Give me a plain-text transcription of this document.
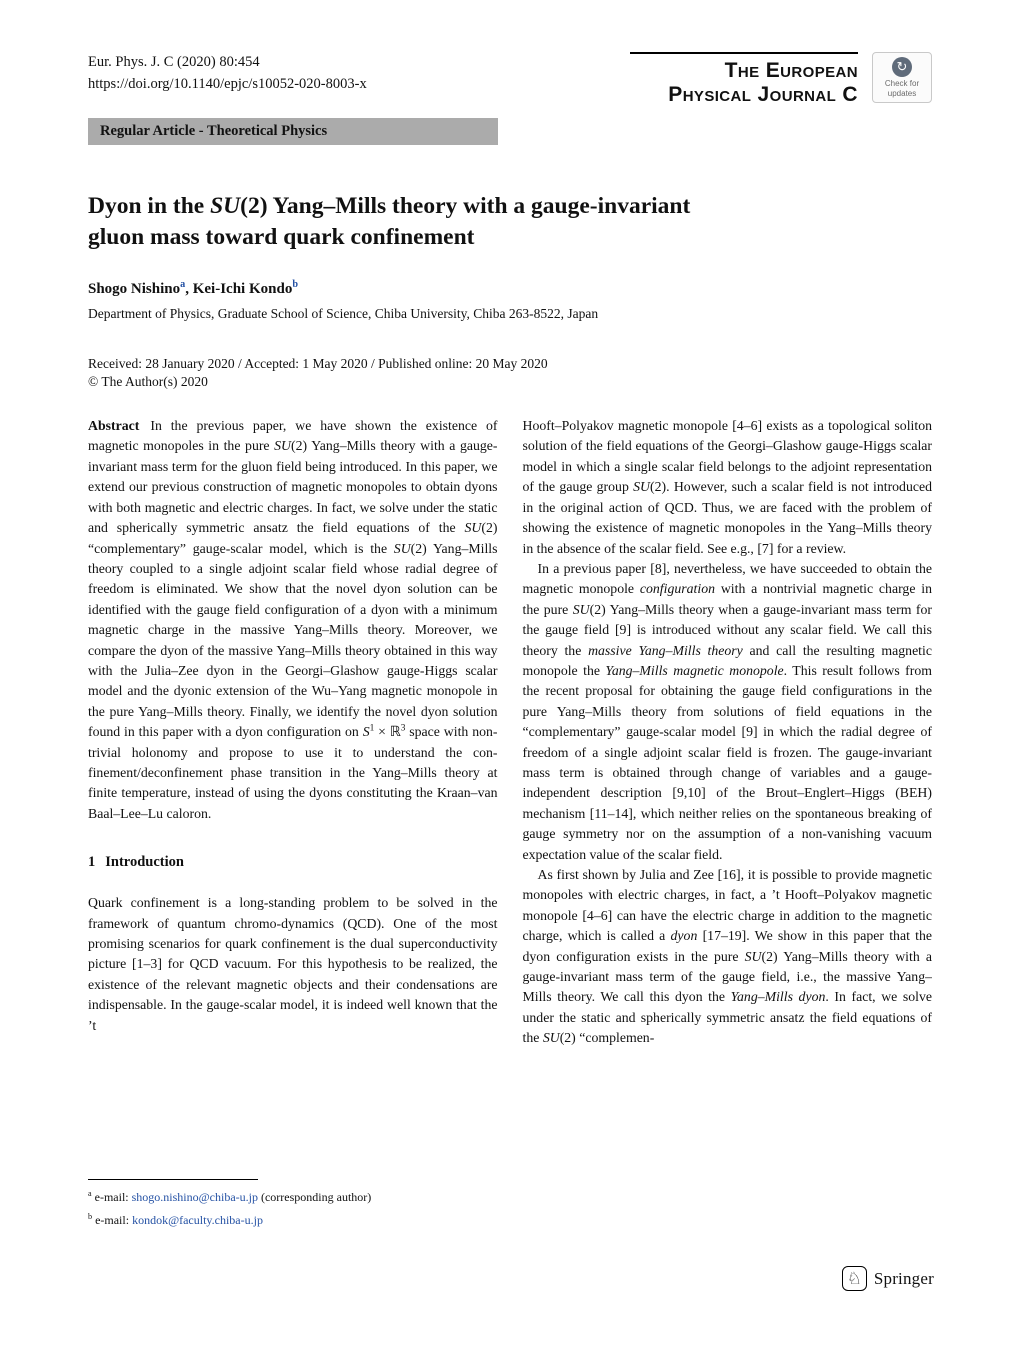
Eur. Phys. J. C (2020) 80:454
https://doi.org/10.1140/epjc/s10052-020-8003-x
The European
Physical Journal C
↻
Check for
updates
Regular Article - Theoretical Physics
Dyon in the SU(2) Yang–Mills theory with a gauge-invariant
gluon mass toward quark confinement
Shogo Nishino$^a$, Kei-Ichi Kondo$^b$
Department of Physics, Graduate School of Science, Chiba University, Chiba 263-8522, Japan
Received: 28 January 2020 / Accepted: 1 May 2020 / Published online: 20 May 2020
© The Author(s) 2020

Abstract In the previous paper, we have shown the existence of magnetic monopoles in the pure SU(2) Yang–Mills theory with a gauge-invariant mass term for the gluon field being introduced. In this paper, we extend our previous construction of magnetic monopoles to obtain dyons with both magnetic and electric charges. In fact, we solve under the static and spherically symmetric ansatz the field equations of the SU(2) “complementary” gauge-scalar model, which is the SU(2) Yang–Mills theory coupled to a single adjoint scalar field whose radial degree of freedom is eliminated. We show that the novel dyon solution can be identified with the gauge field configuration of a dyon with a minimum magnetic charge in the massive Yang–Mills theory. Moreover, we compare the dyon of the massive Yang–Mills theory obtained in this way with the Julia–Zee dyon in the Georgi–Glashow gauge-Higgs scalar model and the dyonic extension of the Wu–Yang magnetic monopole in the pure Yang–Mills theory. Finally, we identify the novel dyon solution found in this paper with a dyon configuration on $S^1$ × ℝ$^3$ space with nontrivial holonomy and propose to use it to understand the confinement/deconfinement phase transition in the Yang–Mills theory at finite temperature, instead of using the dyons constituting the Kraan–van Baal–Lee–Lu caloron.

1 Introduction

Quark confinement is a long-standing problem to be solved in the framework of quantum chromo-dynamics (QCD). One of the most promising scenarios for quark confinement is the dual superconductivity picture [1–3] for QCD vacuum. For this hypothesis to be realized, the existence of the relevant magnetic objects and their condensations are indispensable. In the gauge-scalar model, it is indeed well known that the ’t

$^a$ e-mail: shogo.nishino@chiba-u.jp (corresponding author)

$^b$ e-mail: kondok@faculty.chiba-u.jp

Hooft–Polyakov magnetic monopole [4–6] exists as a topological soliton solution of the field equations of the Georgi–Glashow gauge-Higgs scalar model in which a single scalar field belongs to the adjoint representation of the gauge group SU(2). However, such a scalar field is not introduced in the original action of QCD. Thus, we are faced with the problem of showing the existence of magnetic monopoles in the Yang–Mills theory in the absence of the scalar field. See e.g., [7] for a review.

In a previous paper [8], nevertheless, we have succeeded to obtain the magnetic monopole configuration with a nontrivial magnetic charge in the pure SU(2) Yang–Mills theory when a gauge-invariant mass term for the gauge field [9] is introduced without any scalar field. We call this theory the massive Yang–Mills theory and call the resulting magnetic monopole the Yang–Mills magnetic monopole. This result follows from the recent proposal for obtaining the gauge field configurations in the pure Yang–Mills theory from solutions of field equations in the “complementary” gauge-scalar model [9] in which the radial degree of freedom of a single adjoint scalar field is frozen. The gauge-invariant mass term is obtained through change of variables and a gauge-independent description [9,10] of the Brout–Englert–Higgs (BEH) mechanism [11–14], which neither relies on the spontaneous breaking of gauge symmetry nor on the assumption of a non-vanishing vacuum expectation value of the scalar field.

As first shown by Julia and Zee [16], it is possible to provide magnetic monopoles with electric charges, in fact, a ’t Hooft–Polyakov magnetic monopole [4–6] can have the electric charge in addition to the magnetic charge, which is called a dyon [17–19]. We show in this paper that the dyon configuration exists in the pure SU(2) Yang–Mills theory with a gauge-invariant mass term of the gauge field, i.e., the massive Yang–Mills theory. We call this dyon the Yang–Mills dyon. In fact, we solve under the static and spherically symmetric ansatz the field equations of the SU(2) “complemen-

♘ Springer
